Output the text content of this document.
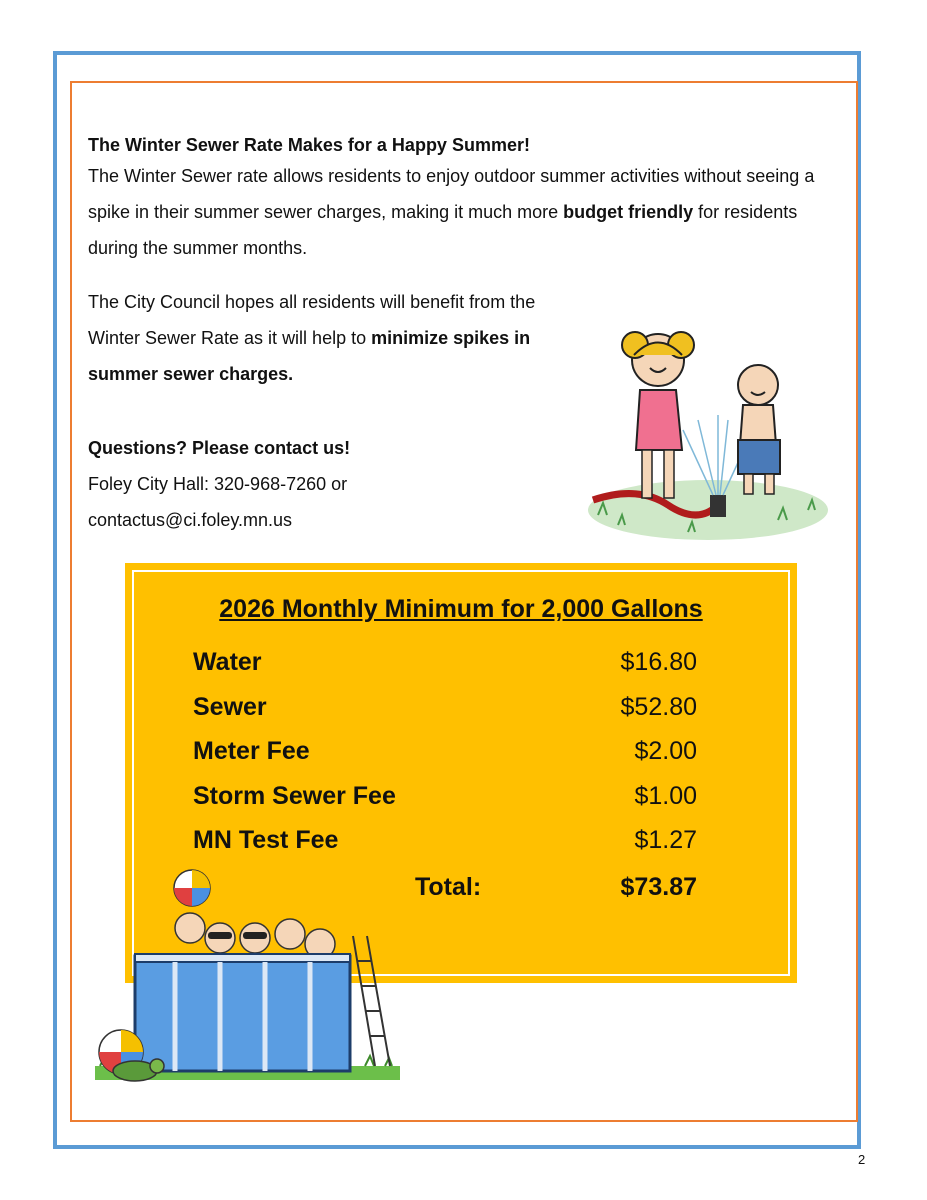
The Winter Sewer Rate Makes for a Happy Summer!

The Winter Sewer rate allows residents to enjoy outdoor summer activities without seeing a spike in their summer sewer charges, making it much more budget friendly for residents during the summer months.

The City Council hopes all residents will benefit from the Winter Sewer Rate as it will help to minimize spikes in summer sewer charges.
Questions? Please contact us!
Foley City Hall: 320-968-7260 or
contactus@ci.foley.mn.us
2026 Monthly Minimum for 2,000 Gallons
Water	$16.80
Sewer	$52.80
Meter Fee	$2.00
Storm Sewer Fee	$1.00
MN Test Fee	$1.27
Total:	$73.87
2
